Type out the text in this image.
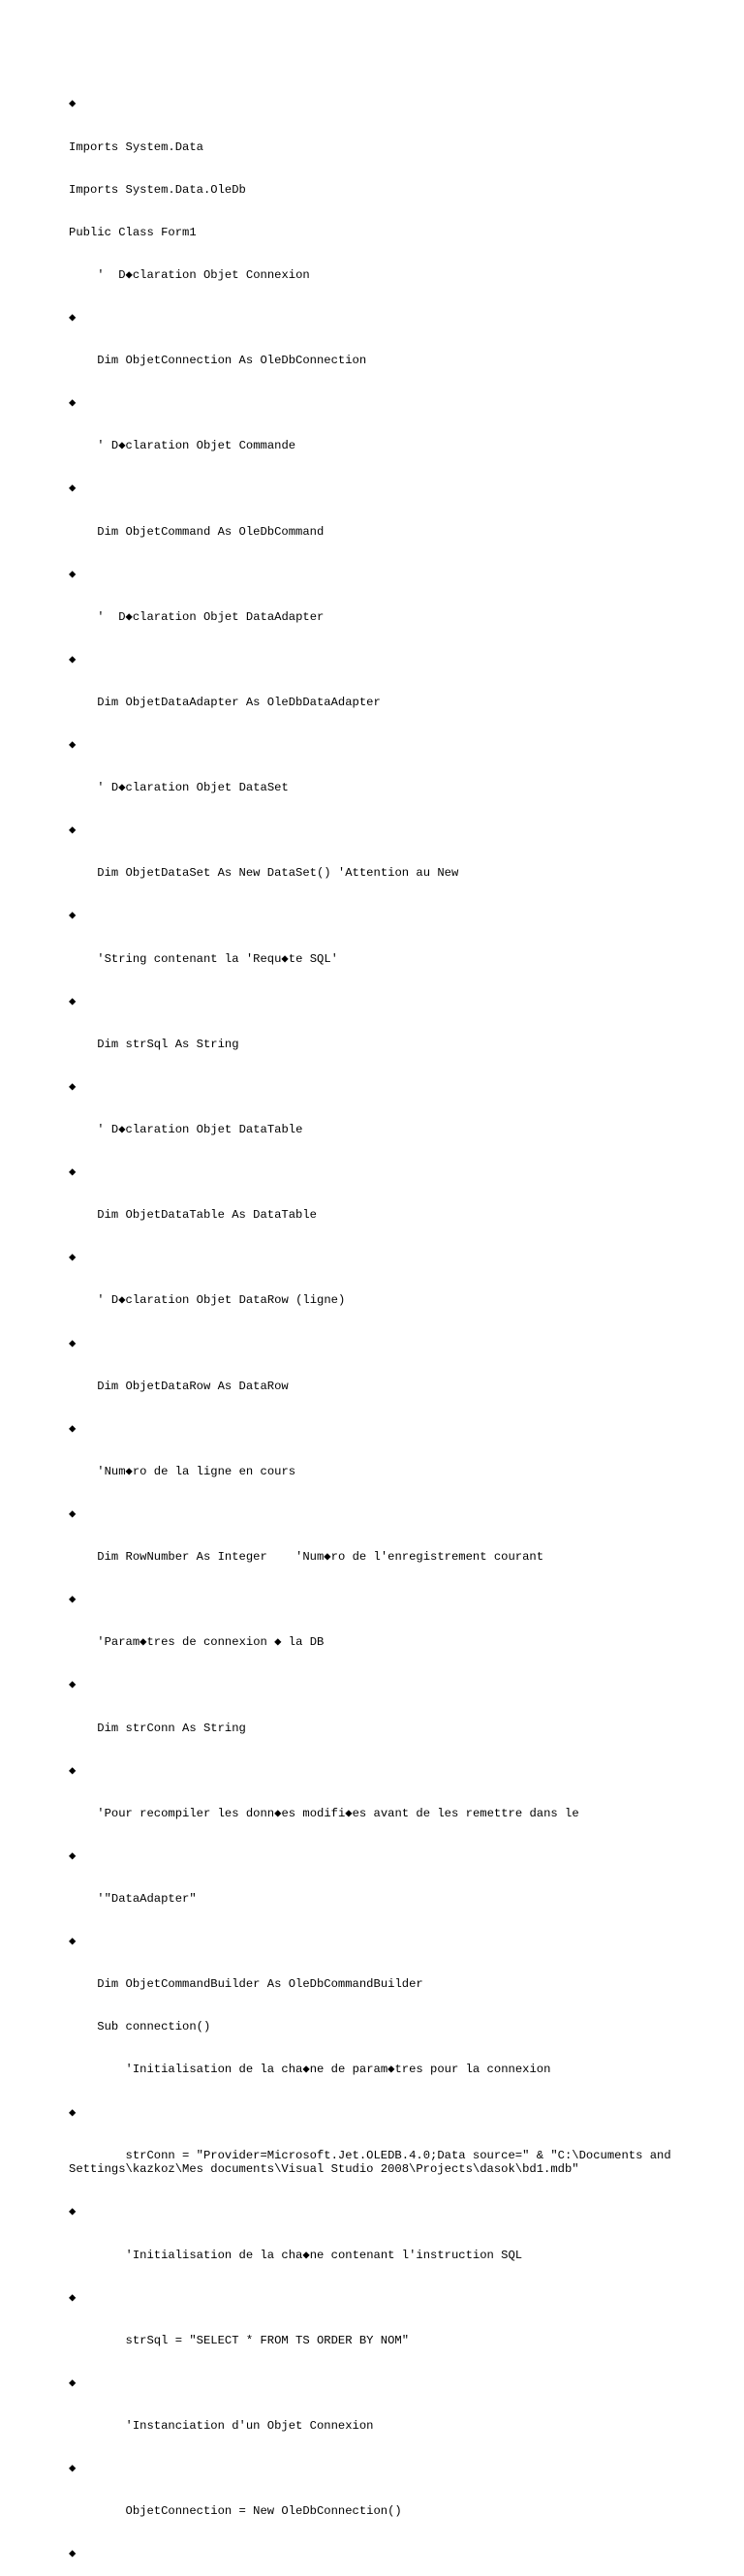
◆

Imports System.Data

Imports System.Data.OleDb

Public Class Form1

'  D◆claration Objet Connexion

◆

Dim ObjetConnection As OleDbConnection

◆

' D◆claration Objet Commande

◆

Dim ObjetCommand As OleDbCommand

◆

'  D◆claration Objet DataAdapter

◆

Dim ObjetDataAdapter As OleDbDataAdapter

◆

' D◆claration Objet DataSet

◆

Dim ObjetDataSet As New DataSet() 'Attention au New

◆

'String contenant la 'Requ◆te SQL'

◆

Dim strSql As String

◆

' D◆claration Objet DataTable

◆

Dim ObjetDataTable As DataTable

◆

' D◆claration Objet DataRow (ligne)

◆

Dim ObjetDataRow As DataRow

◆

'Num◆ro de la ligne en cours

◆

Dim RowNumber As Integer    'Num◆ro de l'enregistrement courant

◆

'Param◆tres de connexion ◆ la DB

◆

Dim strConn As String

◆

'Pour recompiler les donn◆es modifi◆es avant de les remettre dans le

◆

'"DataAdapter"

◆

Dim ObjetCommandBuilder As OleDbCommandBuilder

Sub connection()

'Initialisation de la cha◆ne de param◆tres pour la connexion

◆

strConn = "Provider=Microsoft.Jet.OLEDB.4.0;Data source=" & "C:\Documents and Settings\kazkoz\Mes documents\Visual Studio 2008\Projects\dasok\bd1.mdb"

◆

'Initialisation de la cha◆ne contenant l'instruction SQL

◆

strSql = "SELECT * FROM TS ORDER BY NOM"

◆

'Instanciation d'un Objet Connexion

◆

ObjetConnection = New OleDbConnection()

◆
